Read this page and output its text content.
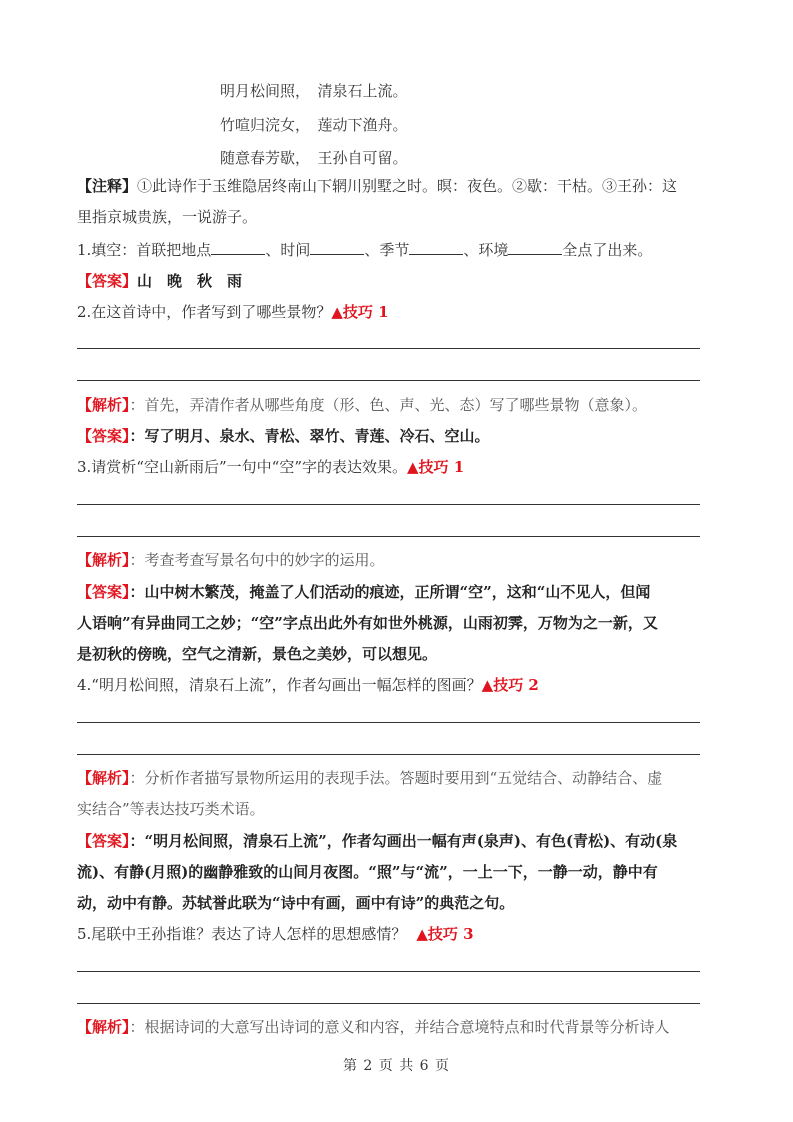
明月松间照，　清泉石上流。
竹喧归浣女，　莲动下渔舟。
随意春芳歇，　王孙自可留。
【注释】①此诗作于玉维隐居终南山下辋川别墅之时。暝：夜色。②歇：干枯。③王孙：这
里指京城贵族，一说游子。
1.填空：首联把地点	、时间	、季节	、环境	全点了出来。
【答案】山　晚　秋　雨
2.在这首诗中，作者写到了哪些景物？▲技巧 1
【解析】：首先，弄清作者从哪些角度（形、色、声、光、态）写了哪些景物（意象）。
【答案】：写了明月、泉水、青松、翠竹、青莲、冷石、空山。
3.请赏析“空山新雨后”一句中“空”字的表达效果。▲技巧 1
【解析】：考查考查写景名句中的妙字的运用。
【答案】：山中树木繁茂，掩盖了人们活动的痕迹，正所谓“空”，这和“山不见人，但闻
人语响”有异曲同工之妙；“空”字点出此外有如世外桃源，山雨初霁，万物为之一新，又
是初秋的傍晚，空气之清新，景色之美妙，可以想见。
4.“明月松间照，清泉石上流”，作者勾画出一幅怎样的图画？▲技巧 2
【解析】：分析作者描写景物所运用的表现手法。答题时要用到“五觉结合、动静结合、虚
实结合”等表达技巧类术语。
【答案】：“明月松间照，清泉石上流”，作者勾画出一幅有声(泉声)、有色(青松)、有动(泉
流)、有静(月照)的幽静雅致的山间月夜图。“照”与“流”，一上一下，一静一动，静中有
动，动中有静。苏轼誉此联为“诗中有画，画中有诗”的典范之句。
5.尾联中王孙指谁？表达了诗人怎样的思想感情？ ▲技巧 3
【解析】：根据诗词的大意写出诗词的意义和内容，并结合意境特点和时代背景等分析诗人
第 2 页 共 6 页
